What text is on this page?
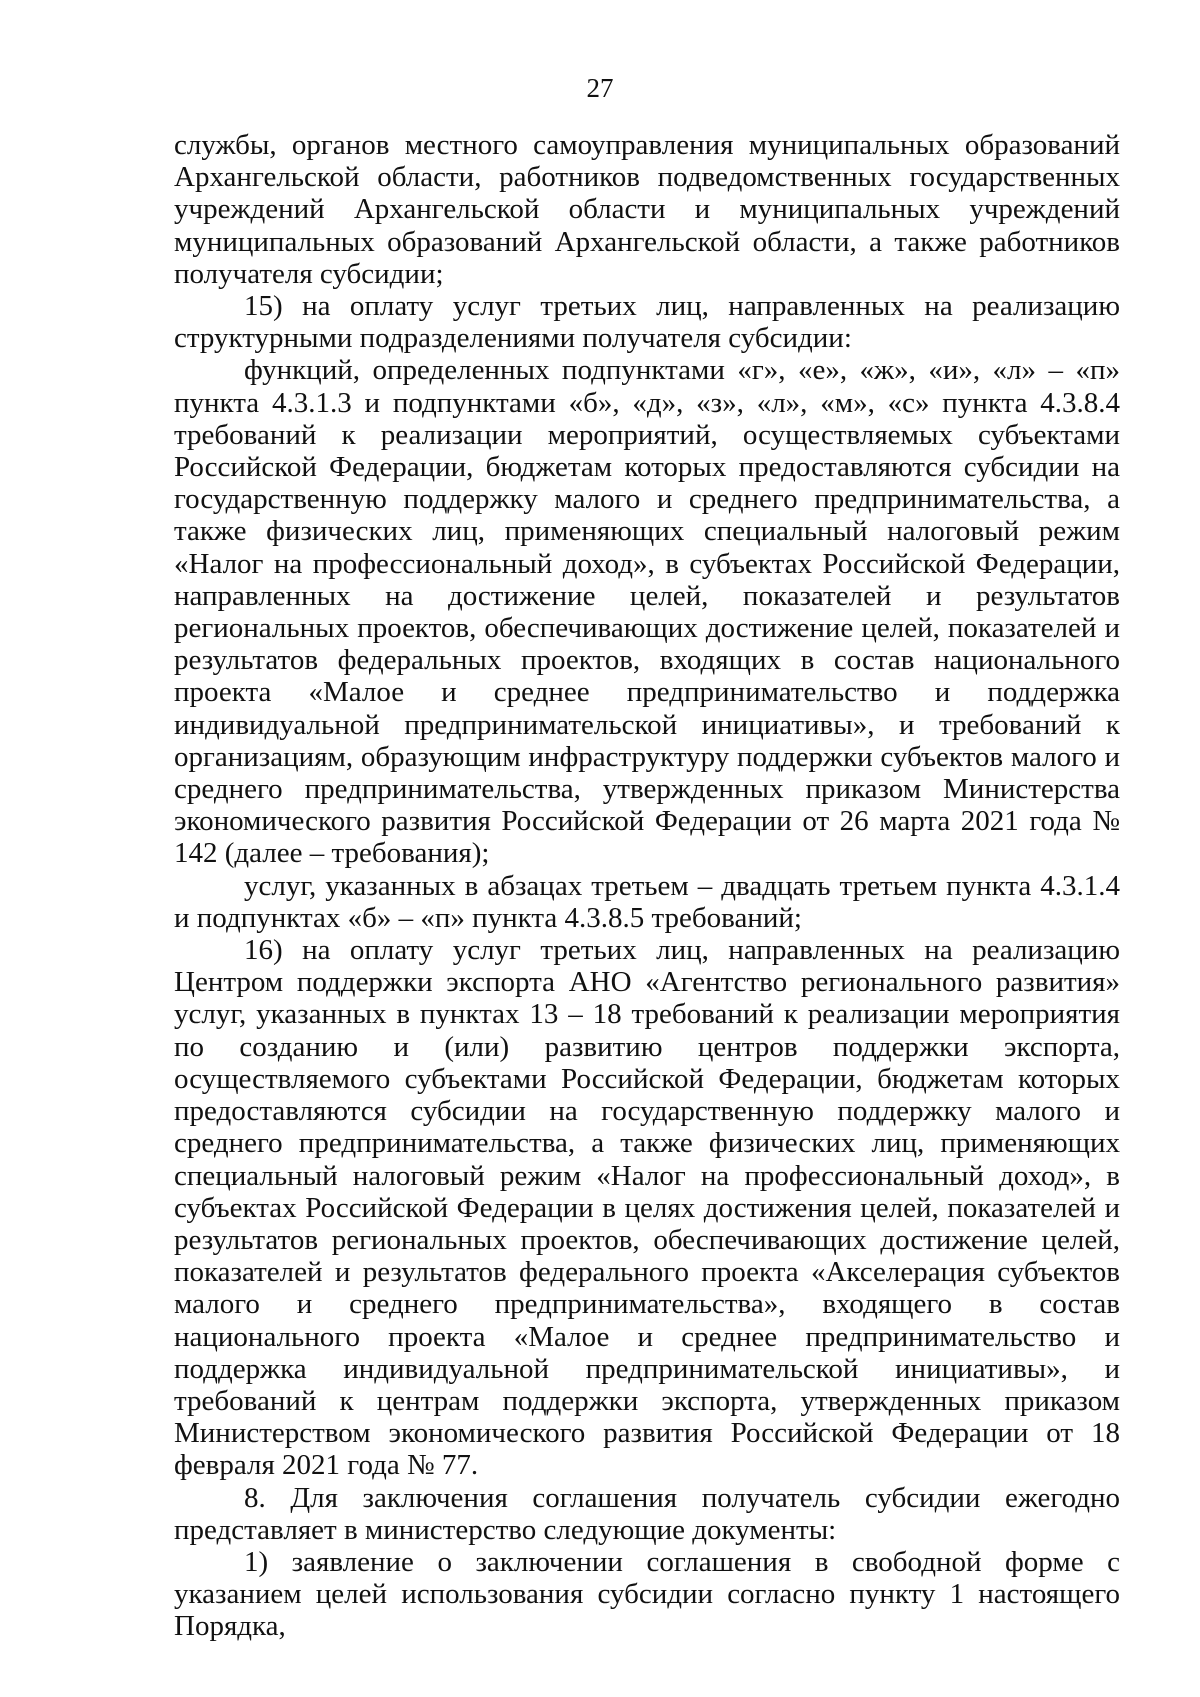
27

службы, органов местного самоуправления муниципальных образований Архангельской области, работников подведомственных государственных учреждений Архангельской области и муниципальных учреждений муниципальных образований Архангельской области, а также работников получателя субсидии;

15) на оплату услуг третьих лиц, направленных на реализацию структурными подразделениями получателя субсидии:

функций, определенных подпунктами «г», «е», «ж», «и», «л» – «п» пункта 4.3.1.3 и подпунктами «б», «д», «з», «л», «м», «с» пункта 4.3.8.4 требований к реализации мероприятий, осуществляемых субъектами Российской Федерации, бюджетам которых предоставляются субсидии на государственную поддержку малого и среднего предпринимательства, а также физических лиц, применяющих специальный налоговый режим «Налог на профессиональный доход», в субъектах Российской Федерации, направленных на достижение целей, показателей и результатов региональных проектов, обеспечивающих достижение целей, показателей и результатов федеральных проектов, входящих в состав национального проекта «Малое и среднее предпринимательство и поддержка индивидуальной предпринимательской инициативы», и требований к организациям, образующим инфраструктуру поддержки субъектов малого и среднего предпринимательства, утвержденных приказом Министерства экономического развития Российской Федерации от 26 марта 2021 года № 142 (далее – требования);

услуг, указанных в абзацах третьем – двадцать третьем пункта 4.3.1.4 и подпунктах «б» – «п» пункта 4.3.8.5 требований;

16) на оплату услуг третьих лиц, направленных на реализацию Центром поддержки экспорта АНО «Агентство регионального развития» услуг, указанных в пунктах 13 – 18 требований к реализации мероприятия по созданию и (или) развитию центров поддержки экспорта, осуществляемого субъектами Российской Федерации, бюджетам которых предоставляются субсидии на государственную поддержку малого и среднего предпринимательства, а также физических лиц, применяющих специальный налоговый режим «Налог на профессиональный доход», в субъектах Российской Федерации в целях достижения целей, показателей и результатов региональных проектов, обеспечивающих достижение целей, показателей и результатов федерального проекта «Акселерация субъектов малого и среднего предпринимательства», входящего в состав национального проекта «Малое и среднее предпринимательство и поддержка индивидуальной предпринимательской инициативы», и требований к центрам поддержки экспорта, утвержденных приказом Министерством экономического развития Российской Федерации от 18 февраля 2021 года № 77.

8. Для заключения соглашения получатель субсидии ежегодно представляет в министерство следующие документы:

1) заявление о заключении соглашения в свободной форме с указанием целей использования субсидии согласно пункту 1 настоящего Порядка,
